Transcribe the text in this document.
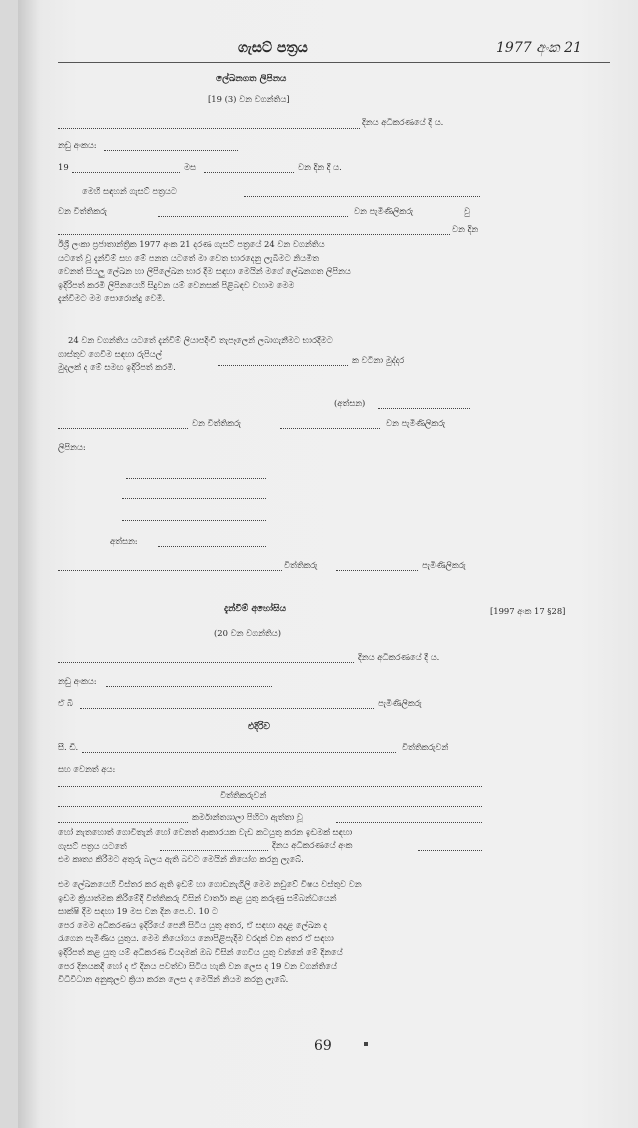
ගැසට් පත්‍රය	1977 අංක 21
ලේඛනගත ලිපිනය
[19 (3) වන වගන්තිය]
දිනය අධිකරණයේ දී ය.
නඩු අංකය:
19	මස	වන දින දී ය.
මෙහි සඳහන් ගැසට් පත්‍රයට
වන විත්තිකරු	වන පැමිණිලිකරු	වු
වන දින
ඊශ්‍රී ලංකා ප්‍රජාතාන්ත්‍රික 1977 අංක 21 දරණ ගැසට් පත්‍රයේ 24 වන වගන්තිය
යටතේ වූ දැන්වීම් සහ මේ පනත යටතේ මා වෙත භාරදෙනු ලැබීමට නියමිත
වෙනත් සියලු ලේඛන හා ලිපිලේඛන භාර දීම සඳහා මෙයින් මගේ ලේඛනගත ලිපිනය
ඉදිරිපත් කරමි ලිපිනයෙහි සිදුවන යම් වෙනසක් පිළිබඳව වහාම මෙම
දැන්වීමට මම පොරොන්දු වෙමි.
24 වන වගන්තිය යටතේ දැන්වීම් ලියාපදිංචි තැපෑලෙන් ලබාගැනීමට භාරදීමට
ගාස්තුව ගෙවීම සඳහා රුපියල්
මුදලක් ද මේ සමඟ ඉදිරිපත් කරමි.
ක වටිනා මුද්දර
(අත්සන)
වන විත්තිකරු	වන පැමිණිලිකරු
ලිපිනය:
අත්සන:
විත්තිකරු	පැමිණිලිකරු
දැන්වීම් අහෝසිය	[1997 අංක 17 §28]
(20 වන වගන්තිය)
දිනය අධිකරණයේ දී ය.
නඩු අංකය:
ඒ බී	පැමිණිලිකරු
එදිරිව
සී. ඩී.	විත්තිකරුවන්
සහ වෙනත් අය:
විත්තිකරුවන්
කර්මාන්තශාලා පිහිටා ඇත්තා වූ
හෝ නැතහොත් ගොවිතැන් හෝ වෙනත් ආකාරයක වැඩ කටයුතු කරන ඉඩමක් සඳහා
ගැසට් පත්‍රය යටතේ
එම කෘත්‍ය කිරීමට අතුරු බලය ඇති බවට මෙයින් නියෝග කරනු ලැබේ.
දිනය අධිකරණයේ අංක
එම ලේඛනයෙහි විස්තර කර ඇති ඉඩම් හා ගොඩනැගිලි මෙම නඩුවේ විෂය වස්තුව වන
ඉඩම ක්‍රියාත්මක කිරීමේදී විත්තිකරු විසින් වාර්තා කළ යුතු කරුණු සම්බන්ධයෙන්
සාක්ෂි දීම සඳහා 19 මස වන දින පෙ.ව. 10 ට
පෙර මෙම අධිකරණය ඉදිරියේ පෙනී සිටිය යුතු අතර, ඒ සඳහා අදාළ ලේඛන ද
රැගෙන පැමිණිය යුතුය. මෙම නියෝගය නොපිළිපැදීම වරදක් වන අතර ඒ සඳහා
ඉදිරිපත් කළ යුතු යම් අධිකරණ වියදමක් ඔබ විසින් ගෙවිය යුතු වන්නේ මේ දිනයේ
පෙර දිනයකදී හෝ ද ඒ දිනය පවත්වා සිටිය හැකි වන ලෙස ද 19 වන වගන්තියේ
විධිවිධාන අනුකූලව ක්‍රියා කරන ලෙස ද මෙයින් නියම කරනු ලැබේ.
69
